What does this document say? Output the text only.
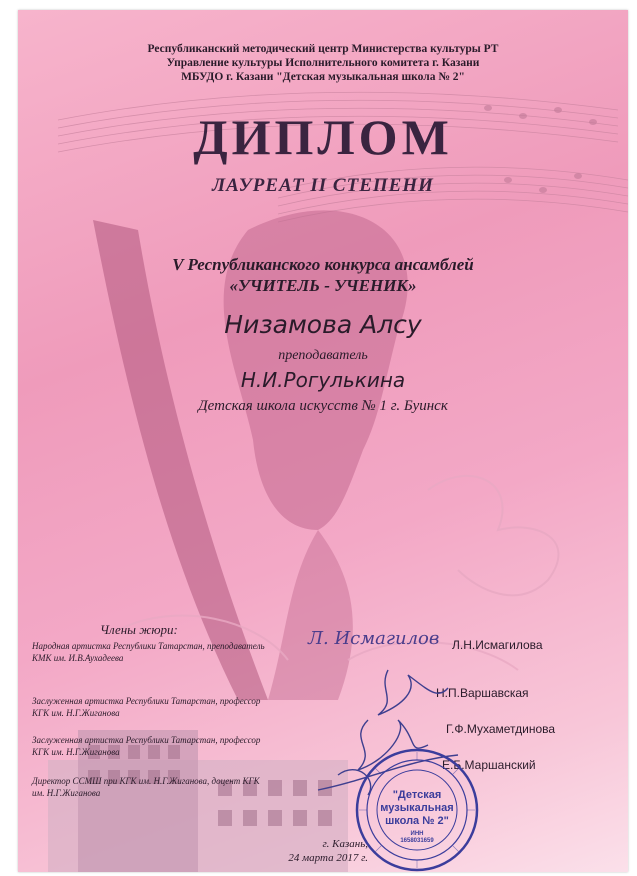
Республиканский методический центр Министерства культуры РТ
Управление культуры Исполнительного комитета г. Казани
МБУДО г. Казани "Детская музыкальная школа № 2"
ДИПЛОМ
ЛАУРЕАТ II СТЕПЕНИ
V Республиканского конкурса ансамблей
«УЧИТЕЛЬ - УЧЕНИК»
Низамова Алсу
преподаватель
Н.И.Рогулькина
Детская школа искусств № 1 г. Буинск
Члены жюри:
Народная артистка Республики Татарстан, преподаватель КМК им. И.В.Аухадеева
Л.Н.Исмагилова
Заслуженная артистка Республики Татарстан, профессор КГК им. Н.Г.Жиганова
Н.П.Варшавская
Заслуженная артистка Республики Татарстан, профессор КГК им. Н.Г.Жиганова
Г.Ф.Мухаметдинова
Директор ССМШ при КГК им. Н.Г.Жиганова, доцент КГК им. Н.Г.Жиганова
Е.Б.Маршанский
Л. Исмагилов
"Детская
музыкальная
школа № 2"
ИНН
1658031659
г. Казань,
24 марта 2017 г.
